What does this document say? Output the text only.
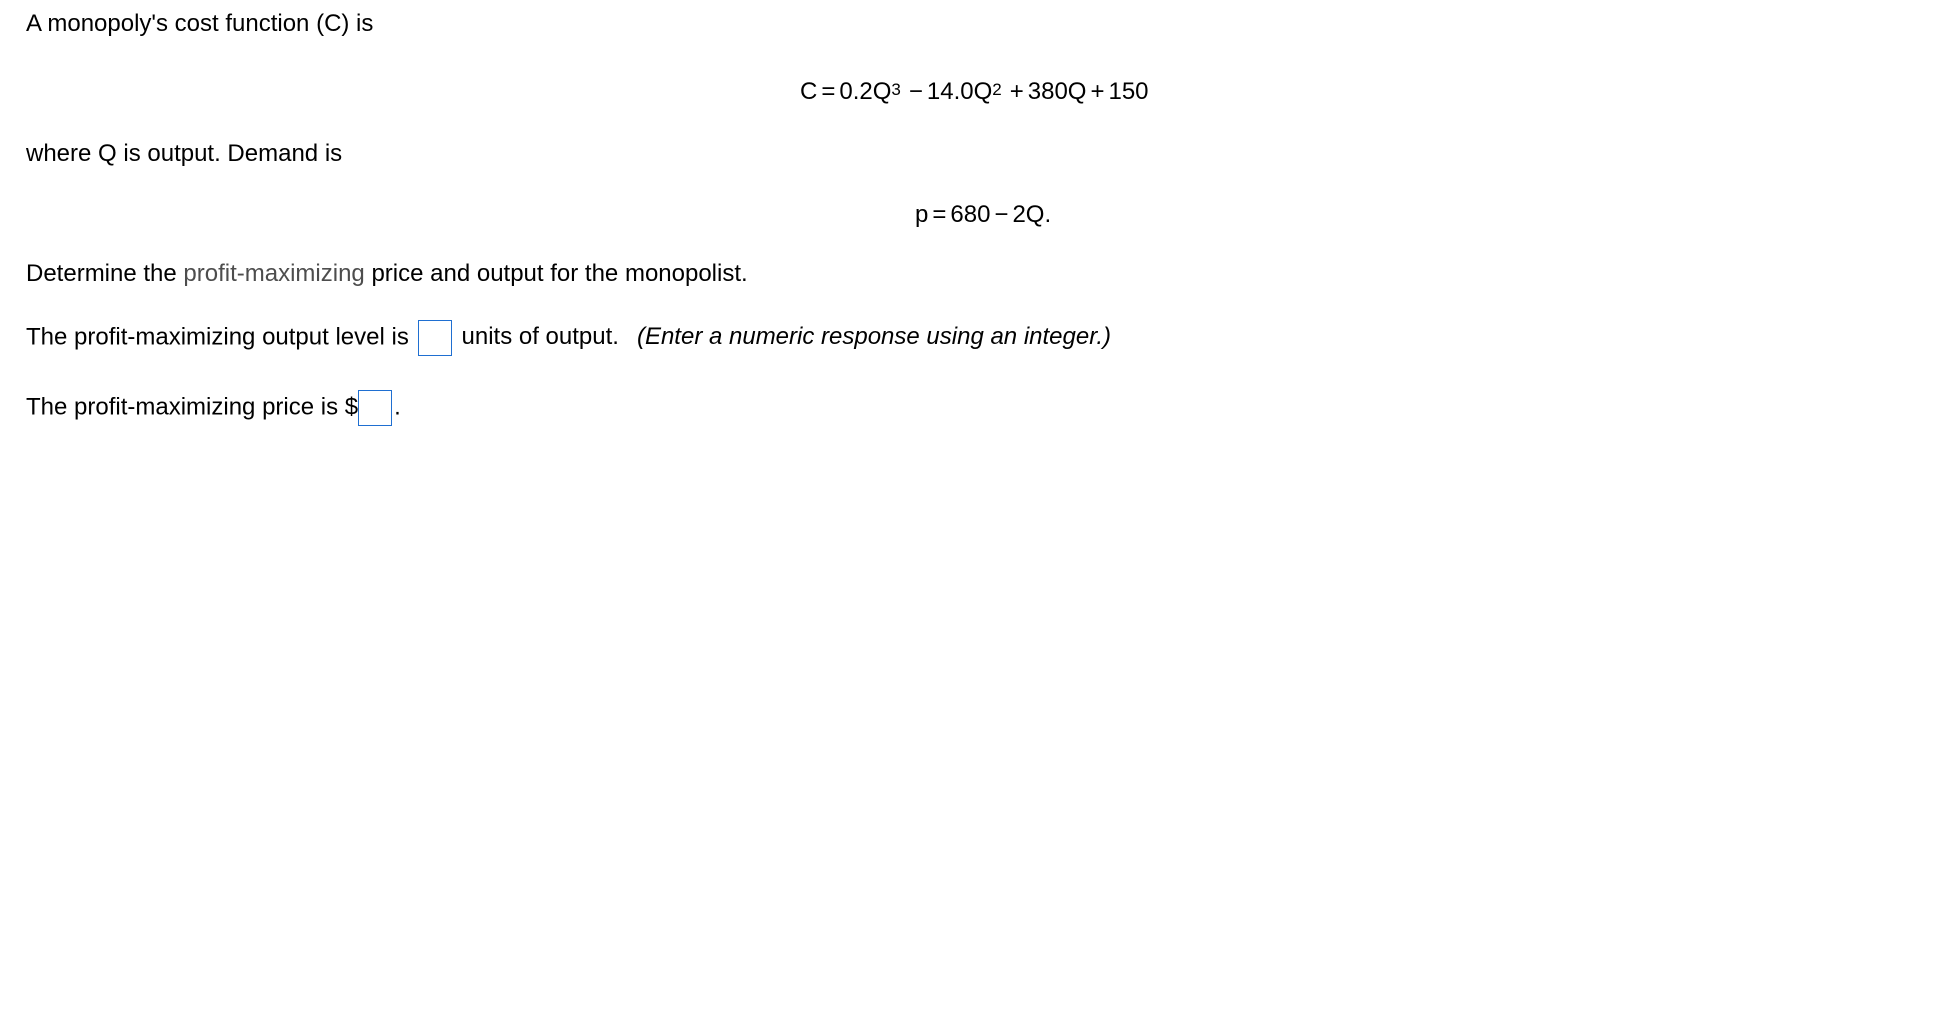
A monopoly's cost function (C) is
$C = 0.2Q^3 - 14.0Q^2 + 380Q + 150$
where Q is output. Demand is
p = 680 − 2Q.
Determine the profit-maximizing price and output for the monopolist.
The profit-maximizing output level is units of output. (Enter a numeric response using an integer.)
The profit-maximizing price is $ .
